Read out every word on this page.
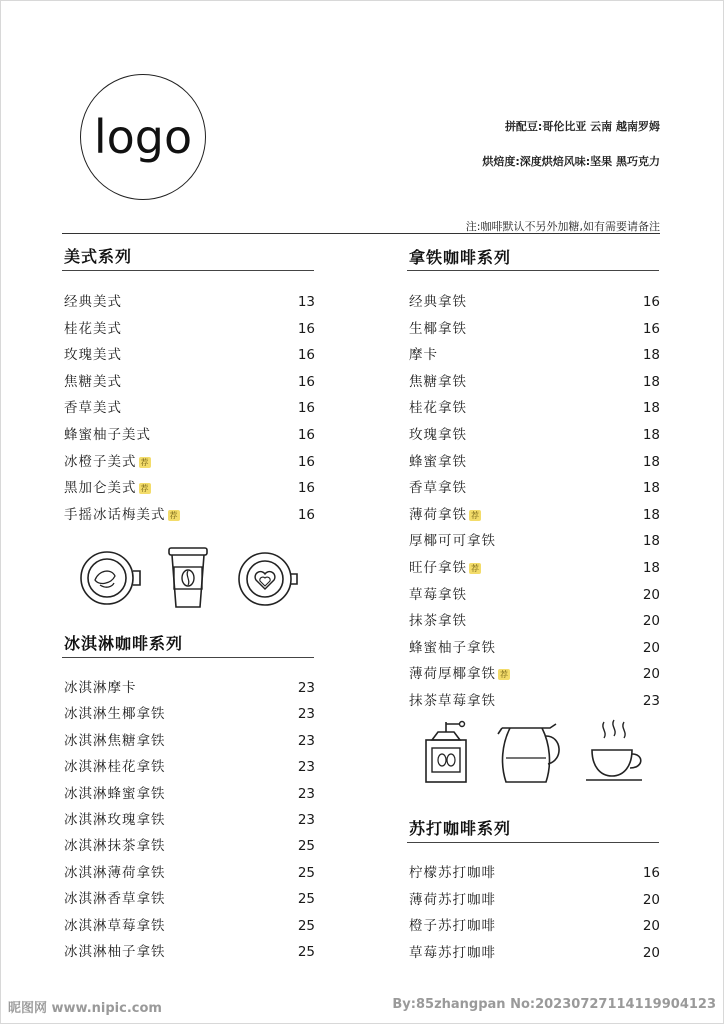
logo	拼配豆:哥伦比亚 云南 越南罗姆
烘焙度:深度烘焙风味:坚果 黑巧克力
注:咖啡默认不另外加糖,如有需要请备注
美式系列
经典美式	13
桂花美式	16
玫瑰美式	16
焦糖美式	16
香草美式	16
蜂蜜柚子美式	16
冰橙子美式 荐	16
黑加仑美式 荐	16
手摇冰话梅美式 荐	16
冰淇淋咖啡系列
冰淇淋摩卡	23
冰淇淋生椰拿铁	23
冰淇淋焦糖拿铁	23
冰淇淋桂花拿铁	23
冰淇淋蜂蜜拿铁	23
冰淇淋玫瑰拿铁	23
冰淇淋抹茶拿铁	25
冰淇淋薄荷拿铁	25
冰淇淋香草拿铁	25
冰淇淋草莓拿铁	25
冰淇淋柚子拿铁	25
拿铁咖啡系列
经典拿铁	16
生椰拿铁	16
摩卡	18
焦糖拿铁	18
桂花拿铁	18
玫瑰拿铁	18
蜂蜜拿铁	18
香草拿铁	18
薄荷拿铁 荐	18
厚椰可可拿铁	18
旺仔拿铁 荐	18
草莓拿铁	20
抹茶拿铁	20
蜂蜜柚子拿铁	20
薄荷厚椰拿铁 荐	20
抹茶草莓拿铁	23
苏打咖啡系列
柠檬苏打咖啡	16
薄荷苏打咖啡	20
橙子苏打咖啡	20
草莓苏打咖啡	20
昵图网 www.nipic.com	By:85zhangpan No:20230727114119904123
